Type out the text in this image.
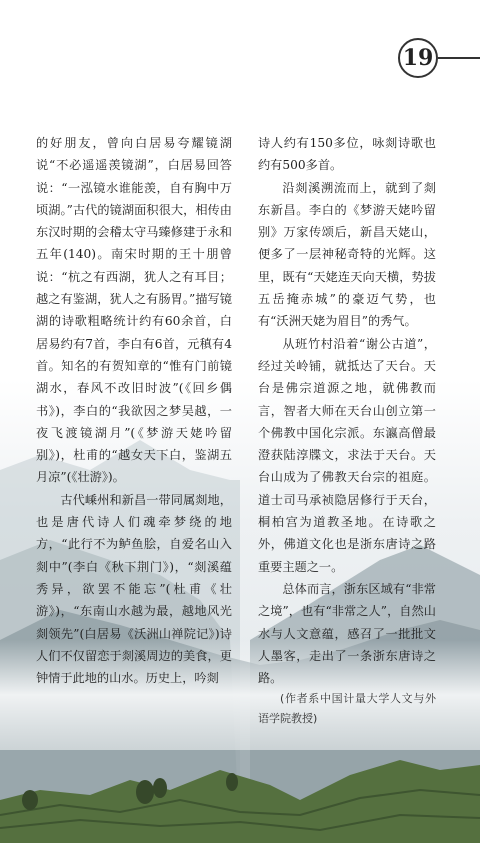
19

的好朋友，曾向白居易夸耀镜湖说“不必遥遥羡镜湖”，白居易回答说：“一泓镜水谁能羡，自有胸中万顷湖。”古代的镜湖面积很大，相传由东汉时期的会稽太守马臻修建于永和五年(140)。南宋时期的王十朋曾说：“杭之有西湖，犹人之有耳目；越之有鉴湖，犹人之有肠胃。”描写镜湖的诗歌粗略统计约有60余首，白居易约有7首，李白有6首，元稹有4首。知名的有贺知章的“惟有门前镜湖水，春风不改旧时波”(《回乡偶书》)，李白的“我欲因之梦吴越，一夜飞渡镜湖月”(《梦游天姥吟留别》)，杜甫的“越女天下白，鉴湖五月凉”(《壮游》)。

古代嵊州和新昌一带同属剡地，也是唐代诗人们魂牵梦绕的地方，“此行不为鲈鱼脍，自爱名山入剡中”(李白《秋下荆门》)，“剡溪蕴秀异，欲罢不能忘”(杜甫《壮游》)，“东南山水越为最，越地风光剡领先”(白居易《沃洲山禅院记》)诗人们不仅留恋于剡溪周边的美食，更钟情于此地的山水。历史上，吟剡

诗人约有150多位，咏剡诗歌也约有500多首。

沿剡溪溯流而上，就到了剡东新昌。李白的《梦游天姥吟留别》万家传颂后，新昌天姥山，便多了一层神秘奇特的光辉。这里，既有“天姥连天向天横，势拔五岳掩赤城”的豪迈气势，也有“沃洲天姥为眉目”的秀气。

从班竹村沿着“谢公古道”，经过关岭铺，就抵达了天台。天台是佛宗道源之地，就佛教而言，智者大师在天台山创立第一个佛教中国化宗派。东瀛高僧最澄获陆淳牒文，求法于天台。天台山成为了佛教天台宗的祖庭。道士司马承祯隐居修行于天台，桐柏宫为道教圣地。在诗歌之外，佛道文化也是浙东唐诗之路重要主题之一。

总体而言，浙东区域有“非常之境”，也有“非常之人”，自然山水与人文意蕴，感召了一批批文人墨客，走出了一条浙东唐诗之路。

(作者系中国计量大学人文与外语学院教授)
